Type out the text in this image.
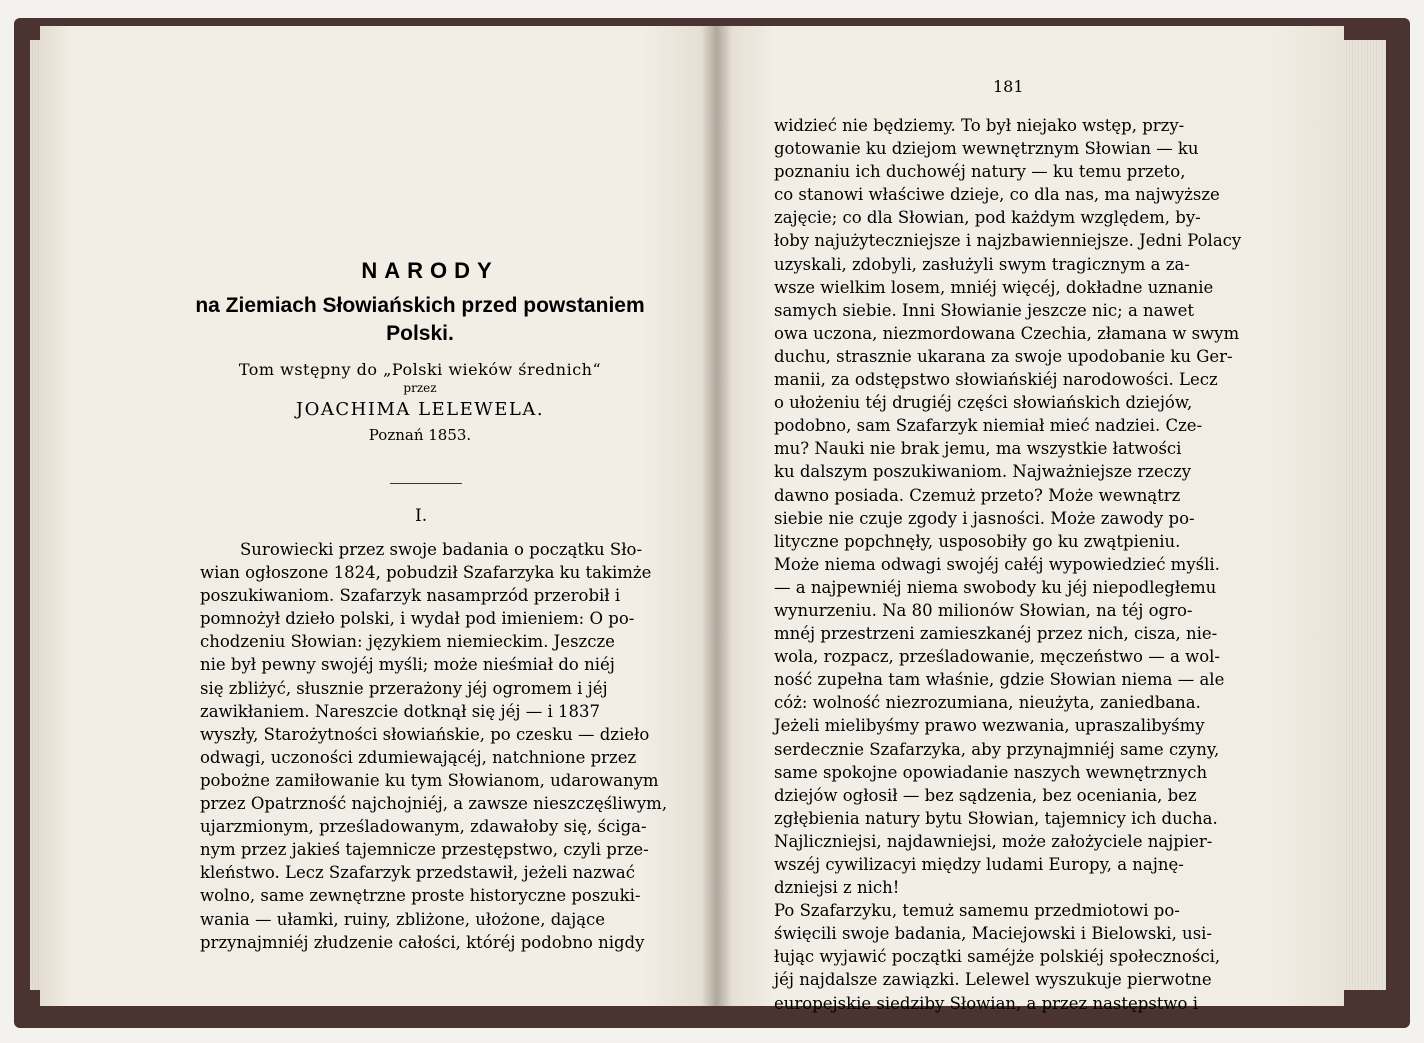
NARODY
na Ziemiach Słowiańskich przed powstaniem
Polski.
Tom wstępny do „Polski wieków średnich“
przez
JOACHIMA LELEWELA.
Poznań 1853.
I.
Surowiecki przez swoje badania o początku Sło-
wian ogłoszone 1824, pobudził Szafarzyka ku takimże
poszukiwaniom. Szafarzyk nasamprzód przerobił i
pomnożył dzieło polski, i wydał pod imieniem: O po-
chodzeniu Słowian: językiem niemieckim. Jeszcze
nie był pewny swojéj myśli; może nieśmiał do niéj
się zbliżyć, słusznie przerażony jéj ogromem i jéj
zawikłaniem. Nareszcie dotknął się jéj — i 1837
wyszły, Starożytności słowiańskie, po czesku — dzieło
odwagi, uczoności zdumiewającéj, natchnione przez
pobożne zamiłowanie ku tym Słowianom, udarowanym
przez Opatrzność najchojniéj, a zawsze nieszczęśliwym,
ujarzmionym, prześladowanym, zdawałoby się, ściga-
nym przez jakieś tajemnicze przestępstwo, czyli prze-
kleństwo. Lecz Szafarzyk przedstawił, jeżeli nazwać
wolno, same zewnętrzne proste historyczne poszuki-
wania — ułamki, ruiny, zbliżone, ułożone, dające
przynajmniéj złudzenie całości, któréj podobno nigdy
181
widzieć nie będziemy. To był niejako wstęp, przy-
gotowanie ku dziejom wewnętrznym Słowian — ku
poznaniu ich duchowéj natury — ku temu przeto,
co stanowi właściwe dzieje, co dla nas, ma najwyższe
zajęcie; co dla Słowian, pod każdym względem, by-
łoby najużyteczniejsze i najzbawienniejsze. Jedni Polacy
uzyskali, zdobyli, zasłużyli swym tragicznym a za-
wsze wielkim losem, mniéj więcéj, dokładne uznanie
samych siebie. Inni Słowianie jeszcze nic; a nawet
owa uczona, niezmordowana Czechia, złamana w swym
duchu, strasznie ukarana za swoje upodobanie ku Ger-
manii, za odstępstwo słowiańskiéj narodowości. Lecz
o ułożeniu téj drugiéj części słowiańskich dziejów,
podobno, sam Szafarzyk niemiał mieć nadziei. Cze-
mu? Nauki nie brak jemu, ma wszystkie łatwości
ku dalszym poszukiwaniom. Najważniejsze rzeczy
dawno posiada. Czemuż przeto? Może wewnątrz
siebie nie czuje zgody i jasności. Może zawody po-
lityczne popchnęły, usposobiły go ku zwątpieniu.
Może niema odwagi swojéj całéj wypowiedzieć myśli.
— a najpewniéj niema swobody ku jéj niepodległemu
wynurzeniu. Na 80 milionów Słowian, na téj ogro-
mnéj przestrzeni zamieszkanéj przez nich, cisza, nie-
wola, rozpacz, prześladowanie, męczeństwo — a wol-
ność zupełna tam właśnie, gdzie Słowian niema — ale
cóż: wolność niezrozumiana, nieużyta, zaniedbana.
Jeżeli mielibyśmy prawo wezwania, upraszalibyśmy
serdecznie Szafarzyka, aby przynajmniéj same czyny,
same spokojne opowiadanie naszych wewnętrznych
dziejów ogłosił — bez sądzenia, bez oceniania, bez
zgłębienia natury bytu Słowian, tajemnicy ich ducha.
Najliczniejsi, najdawniejsi, może założyciele najpier-
wszéj cywilizacyi między ludami Europy, a najnę-
dzniejsi z nich!
Po Szafarzyku, temuż samemu przedmiotowi po-
święcili swoje badania, Maciejowski i Bielowski, usi-
łując wyjawić początki saméjże polskiéj społeczności,
jéj najdalsze zawiązki. Lelewel wyszukuje pierwotne
europejskie siedziby Słowian, a przez następstwo i
